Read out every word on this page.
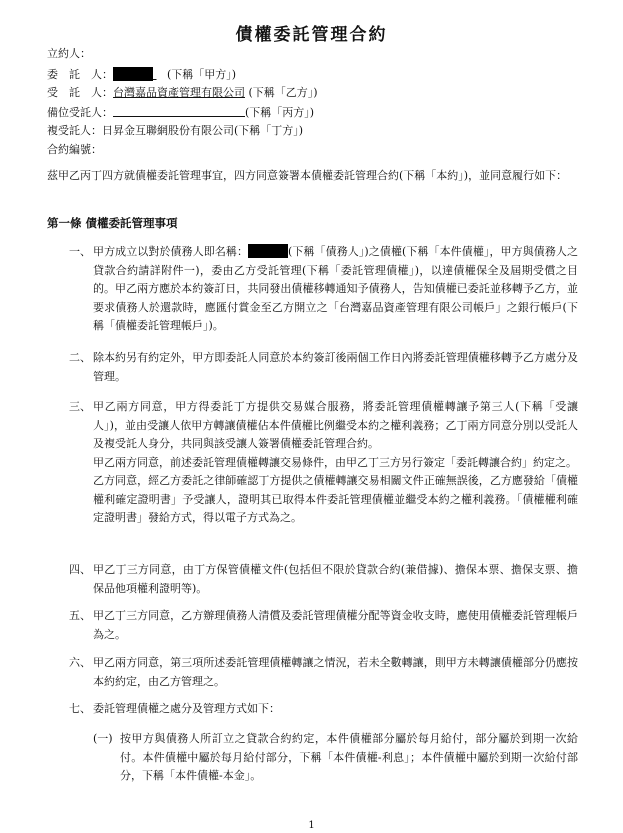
債權委託管理合約
立約人：
委　託　人：	(下稱「甲方」)
受　託　人：台灣嘉品資產管理有限公司 (下稱「乙方」)
備位受託人：	(下稱「丙方」)
複受託人：日昇金互聯網股份有限公司(下稱「丁方」)
合約編號：
茲甲乙丙丁四方就債權委託管理事宜，四方同意簽署本債權委託管理合約(下稱「本約」)，並同意履行如下：
第一條 債權委託管理事項
一、 甲方成立以對於債務人即名稱：	(下稱「債務人」)之債權(下稱「本件債權」，甲方與債務人之貸款合約請詳附件一)，委由乙方受託管理(下稱「委託管理債權」)，以達債權保全及屆期受償之目的。甲乙兩方應於本約簽訂日，共同發出債權移轉通知予債務人，告知債權已委託並移轉予乙方，並要求債務人於還款時，應匯付賞金至乙方開立之「台灣嘉品資產管理有限公司帳戶」之銀行帳戶(下稱「債權委託管理帳戶」)。
二、 除本約另有約定外，甲方即委託人同意於本約簽訂後兩個工作日內將委託管理債權移轉予乙方處分及管理。
三、 甲乙兩方同意，甲方得委託丁方提供交易媒合服務，將委託管理債權轉讓予第三人(下稱「受讓人」)，並由受讓人依甲方轉讓債權佔本件債權比例繼受本約之權利義務；乙丁兩方同意分別以受託人及複受託人身分，共同與該受讓人簽署債權委託管理合約。
甲乙兩方同意，前述委託管理債權轉讓交易條件，由甲乙丁三方另行簽定「委託轉讓合約」約定之。
乙方同意，經乙方委託之律師確認丁方提供之債權轉讓交易相關文件正確無誤後，乙方應發給「債權權利確定證明書」予受讓人，證明其已取得本件委託管理債權並繼受本約之權利義務。「債權權利確定證明書」發給方式，得以電子方式為之。
四、 甲乙丁三方同意，由丁方保管債權文件(包括但不限於貸款合約(兼借據)、擔保本票、擔保支票、擔保品他項權利證明等)。
五、 甲乙丁三方同意，乙方辦理債務人清償及委託管理債權分配等資金收支時，應使用債權委託管理帳戶為之。
六、 甲乙兩方同意，第三項所述委託管理債權轉讓之情況，若未全數轉讓，則甲方未轉讓債權部分仍應按本約約定，由乙方管理之。
七、 委託管理債權之處分及管理方式如下：
(一) 按甲方與債務人所訂立之貸款合約約定，本件債權部分屬於每月給付，部分屬於到期一次給付。本件債權中屬於每月給付部分，下稱「本件債權-利息」；本件債權中屬於到期一次給付部分，下稱「本件債權-本金」。
1
